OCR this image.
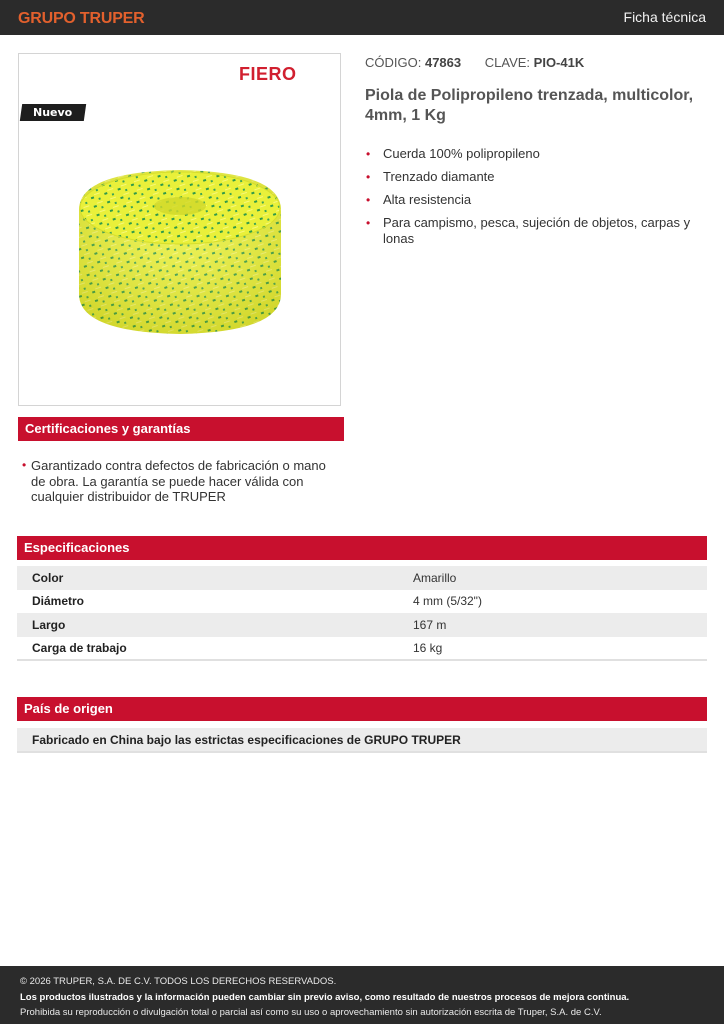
GRUPO TRUPER	Ficha técnica
FIERO
Nuevo
CÓDIGO: 47863 CLAVE: PIO-41K
Piola de Polipropileno trenzada, multicolor, 4mm, 1 Kg
• Cuerda 100% polipropileno
• Trenzado diamante
• Alta resistencia
• Para campismo, pesca, sujeción de objetos, carpas y lonas
Certificaciones y garantías
• Garantizado contra defectos de fabricación o mano de obra. La garantía se puede hacer válida con cualquier distribuidor de TRUPER
Especificaciones
Color	Amarillo
Diámetro	4 mm (5/32")
Largo	167 m
Carga de trabajo	16 kg
País de origen
Fabricado en China bajo las estrictas especificaciones de GRUPO TRUPER
© 2026 TRUPER, S.A. DE C.V. TODOS LOS DERECHOS RESERVADOS.
Los productos ilustrados y la información pueden cambiar sin previo aviso, como resultado de nuestros procesos de mejora continua.
Prohibida su reproducción o divulgación total o parcial así como su uso o aprovechamiento sin autorización escrita de Truper, S.A. de C.V.
